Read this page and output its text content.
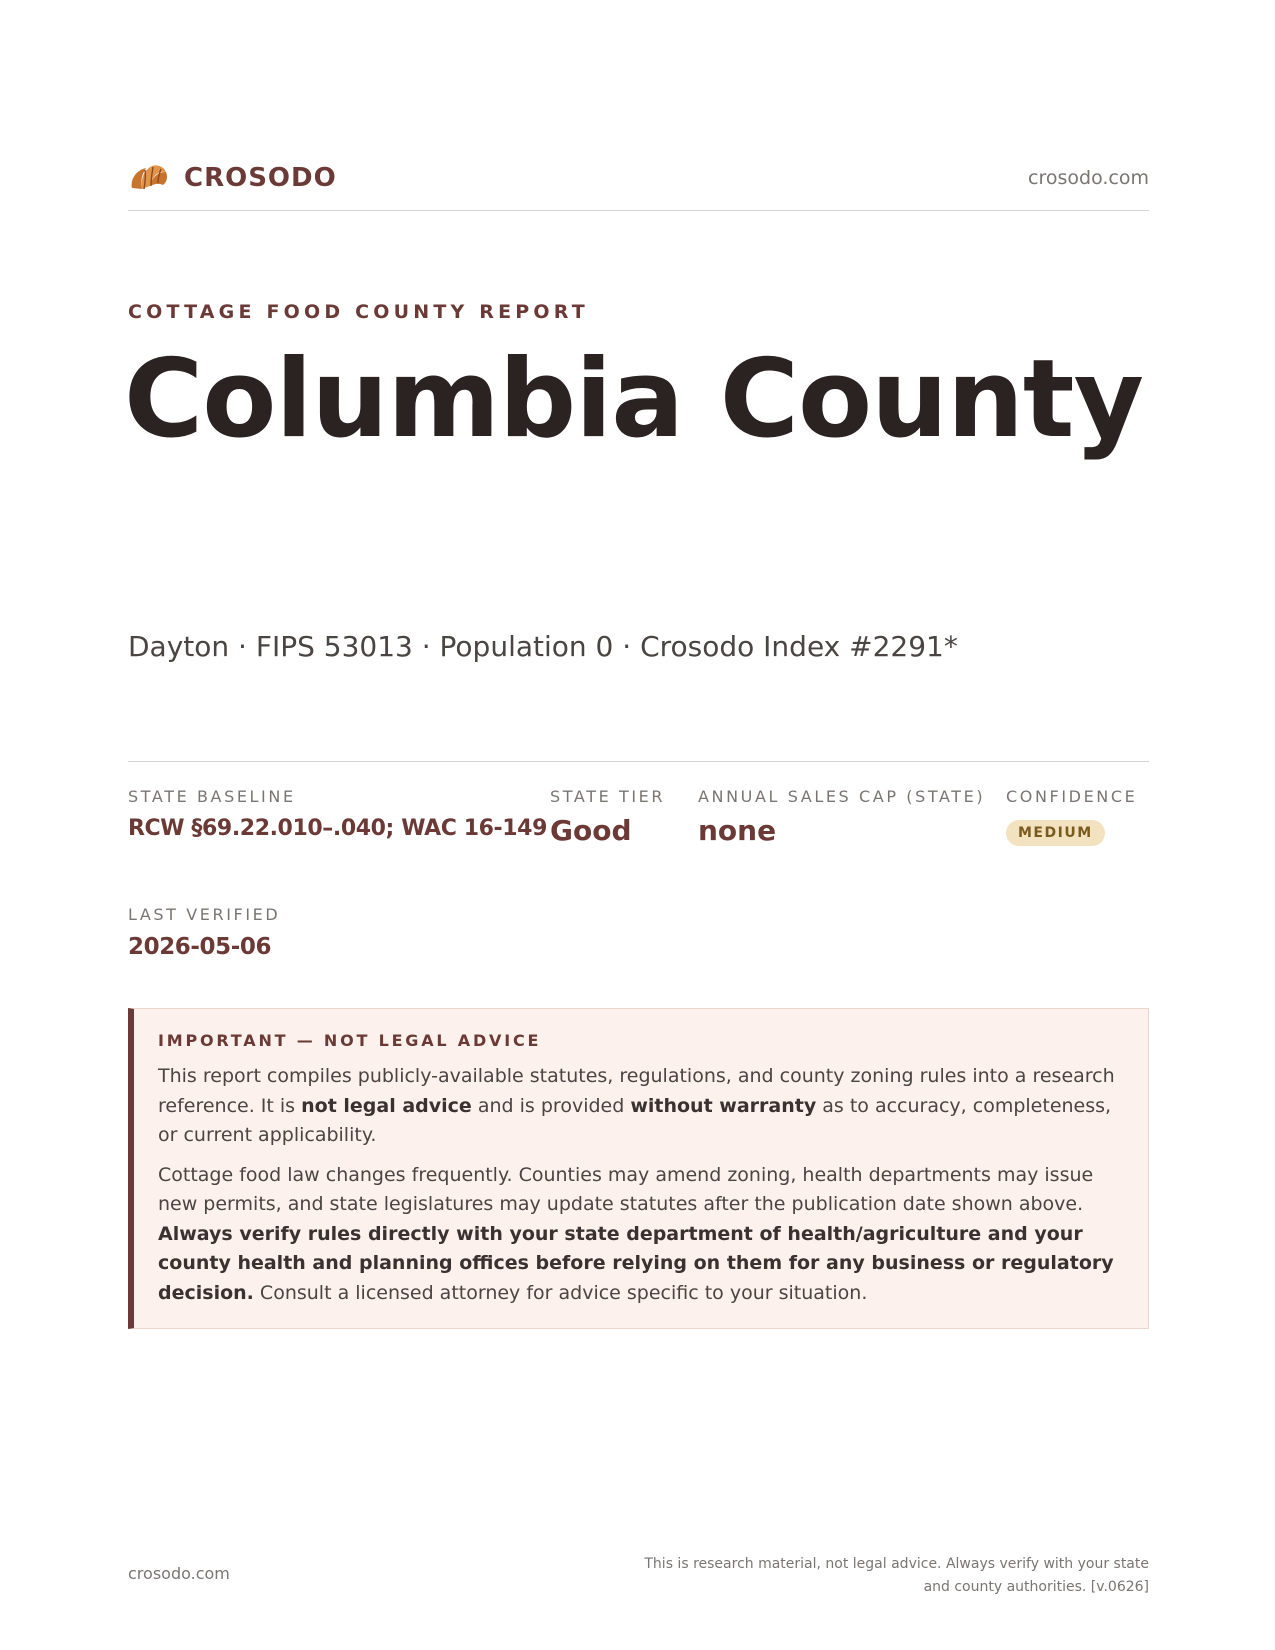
CROSODO	crosodo.com
COTTAGE FOOD COUNTY REPORT
Columbia County
Dayton · FIPS 53013 · Population 0 · Crosodo Index #2291*
STATE BASELINE
RCW §69.22.010–.040; WAC 16-149
STATE TIER
Good
ANNUAL SALES CAP (STATE)
none
CONFIDENCE
MEDIUM
LAST VERIFIED
2026-05-06
IMPORTANT — NOT LEGAL ADVICE

This report compiles publicly-available statutes, regulations, and county zoning rules into a research reference. It is not legal advice and is provided without warranty as to accuracy, completeness, or current applicability.

Cottage food law changes frequently. Counties may amend zoning, health departments may issue new permits, and state legislatures may update statutes after the publication date shown above. Always verify rules directly with your state department of health/agriculture and your county health and planning offices before relying on them for any business or regulatory decision. Consult a licensed attorney for advice specific to your situation.

crosodo.com	This is research material, not legal advice. Always verify with your state and county authorities. [v.0626]
